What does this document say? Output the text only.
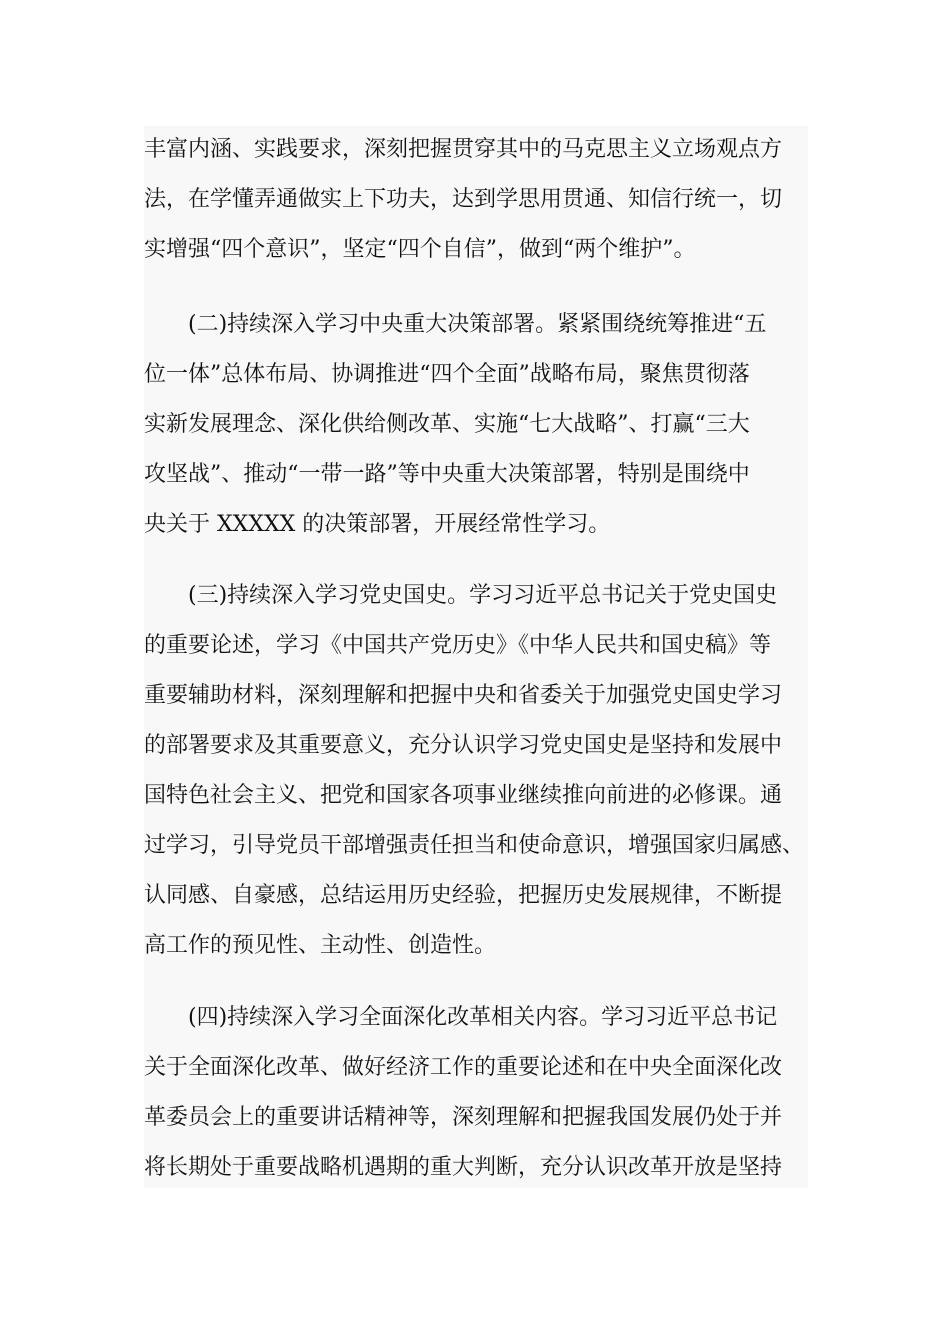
丰富内涵、实践要求，深刻把握贯穿其中的马克思主义立场观点方
法，在学懂弄通做实上下功夫，达到学思用贯通、知信行统一，切
实增强“四个意识”，坚定“四个自信”，做到“两个维护”。
(二)持续深入学习中央重大决策部署。紧紧围绕统筹推进“五
位一体”总体布局、协调推进“四个全面”战略布局，聚焦贯彻落
实新发展理念、深化供给侧改革、实施“七大战略”、打赢“三大
攻坚战”、推动“一带一路”等中央重大决策部署，特别是围绕中
央关于 XXXXX 的决策部署，开展经常性学习。
(三)持续深入学习党史国史。学习习近平总书记关于党史国史
的重要论述，学习《中国共产党历史》《中华人民共和国史稿》等
重要辅助材料，深刻理解和把握中央和省委关于加强党史国史学习
的部署要求及其重要意义，充分认识学习党史国史是坚持和发展中
国特色社会主义、把党和国家各项事业继续推向前进的必修课。通
过学习，引导党员干部增强责任担当和使命意识，增强国家归属感、
认同感、自豪感，总结运用历史经验，把握历史发展规律，不断提
高工作的预见性、主动性、创造性。
(四)持续深入学习全面深化改革相关内容。学习习近平总书记
关于全面深化改革、做好经济工作的重要论述和在中央全面深化改
革委员会上的重要讲话精神等，深刻理解和把握我国发展仍处于并
将长期处于重要战略机遇期的重大判断，充分认识改革开放是坚持
